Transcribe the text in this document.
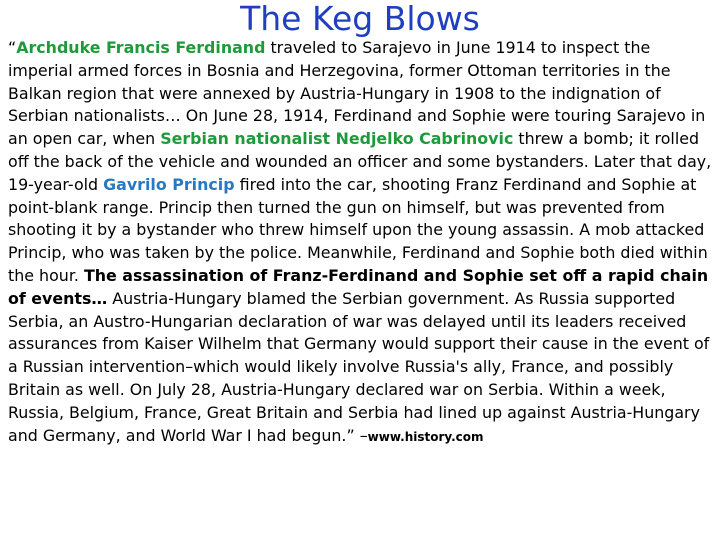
The Keg Blows

“Archduke Francis Ferdinand traveled to Sarajevo in June 1914 to inspect the imperial armed forces in Bosnia and Herzegovina, former Ottoman territories in the Balkan region that were annexed by Austria-Hungary in 1908 to the indignation of Serbian nationalists… On June 28, 1914, Ferdinand and Sophie were touring Sarajevo in an open car, when Serbian nationalist Nedjelko Cabrinovic threw a bomb; it rolled off the back of the vehicle and wounded an officer and some bystanders. Later that day, 19-year-old Gavrilo Princip fired into the car, shooting Franz Ferdinand and Sophie at point-blank range. Princip then turned the gun on himself, but was prevented from shooting it by a bystander who threw himself upon the young assassin. A mob attacked Princip, who was taken by the police. Meanwhile, Ferdinand and Sophie both died within the hour. The assassination of Franz-Ferdinand and Sophie set off a rapid chain of events… Austria-Hungary blamed the Serbian government. As Russia supported Serbia, an Austro-Hungarian declaration of war was delayed until its leaders received assurances from Kaiser Wilhelm that Germany would support their cause in the event of a Russian intervention–which would likely involve Russia's ally, France, and possibly Britain as well. On July 28, Austria-Hungary declared war on Serbia. Within a week, Russia, Belgium, France, Great Britain and Serbia had lined up against Austria-Hungary and Germany, and World War I had begun.” –www.history.com
